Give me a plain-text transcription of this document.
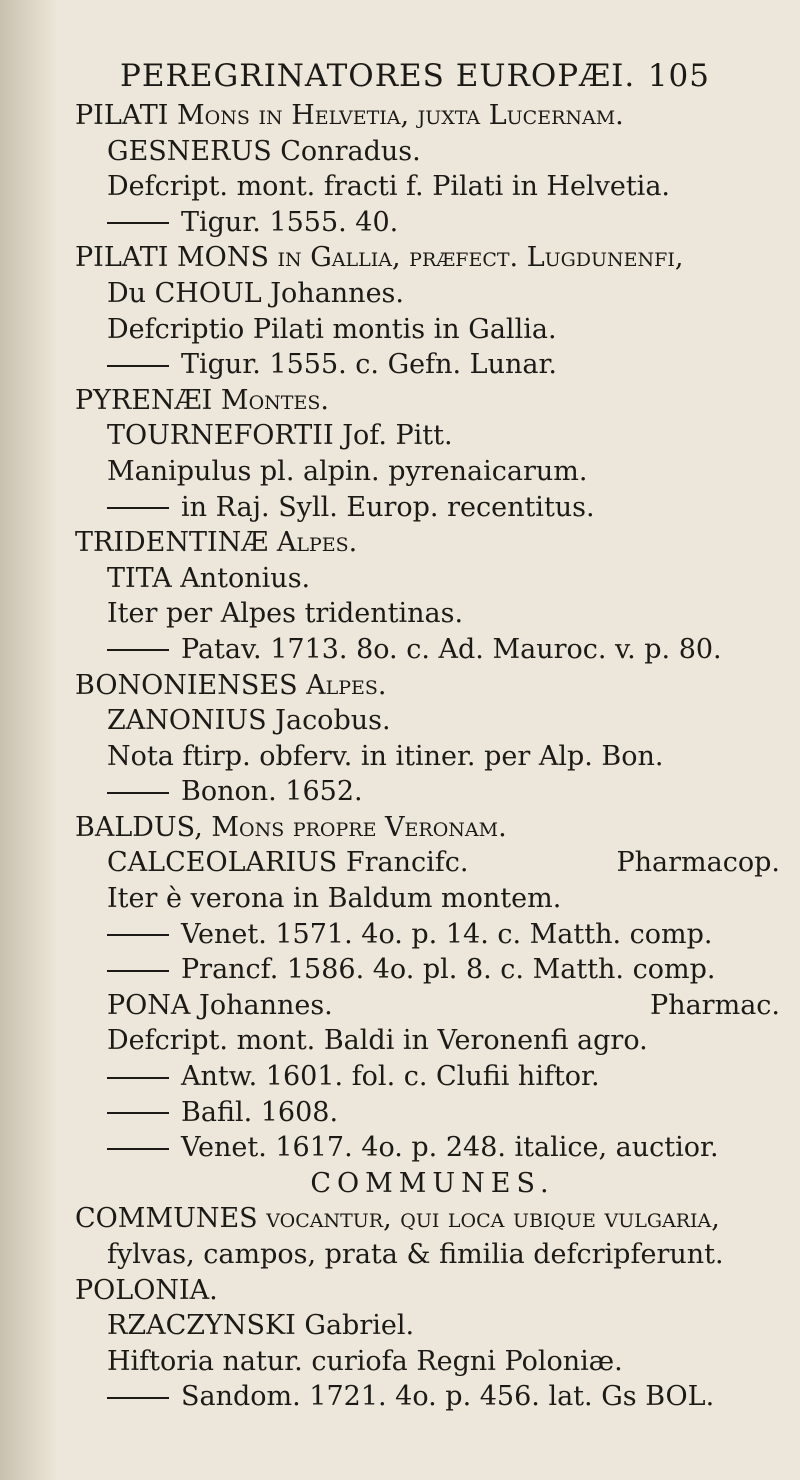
PEREGRINATORES EUROPÆI. 105
PILATI Mons in Helvetia, juxta Lucernam.
GESNERUS Conradus.
Defcript. mont. fracti f. Pilati in Helvetia.
Tigur. 1555. 40.
PILATI MONS in Gallia, præfect. Lugdunenfi,
Du CHOUL Johannes.
Defcriptio Pilati montis in Gallia.
Tigur. 1555. c. Gefn. Lunar.
PYRENÆI Montes.
TOURNEFORTII Jof. Pitt.
Manipulus pl. alpin. pyrenaicarum.
in Raj. Syll. Europ. recentitus.
TRIDENTINÆ Alpes.
TITA Antonius.
Iter per Alpes tridentinas.
Patav. 1713. 8o. c. Ad. Mauroc. v. p. 80.
BONONIENSES Alpes.
ZANONIUS Jacobus.
Nota ftirp. obferv. in itiner. per Alp. Bon.
Bonon. 1652.
BALDUS, Mons propre Veronam.
Pharmacop.
CALCEOLARIUS Francifc.
Iter è verona in Baldum montem.
Venet. 1571. 4o. p. 14. c. Matth. comp.
Prancf. 1586. 4o. pl. 8. c. Matth. comp.
Pharmac.
PONA Johannes.
Defcript. mont. Baldi in Veronenfi agro.
Antw. 1601. fol. c. Clufii hiftor.
Bafil. 1608.
Venet. 1617. 4o. p. 248. italice, auctior.
COMMUNES.
COMMUNES vocantur, qui loca ubique vulgaria,
fylvas, campos, prata & fimilia defcripferunt.
POLONIA.
RZACZYNSKI Gabriel.
Hiftoria natur. curiofa Regni Poloniæ.
Sandom. 1721. 4o. p. 456. lat. Gs BOL.
